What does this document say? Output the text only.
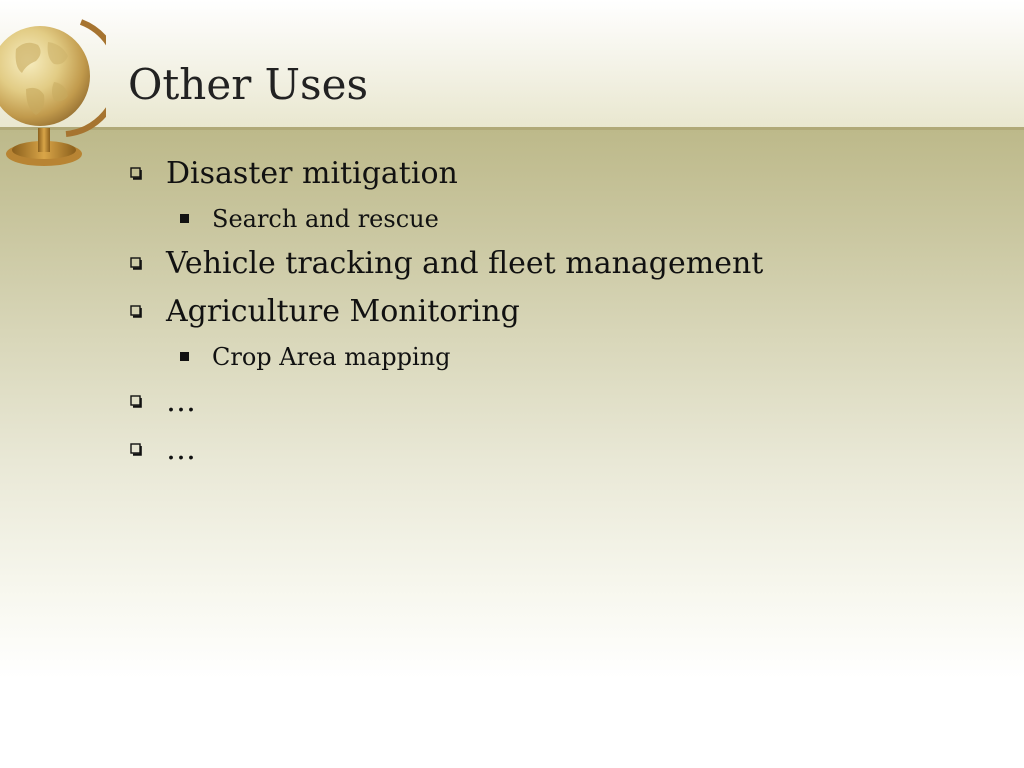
Other Uses
Disaster mitigation
Search and rescue
Vehicle tracking and fleet management
Agriculture Monitoring
Crop Area mapping
…
…
